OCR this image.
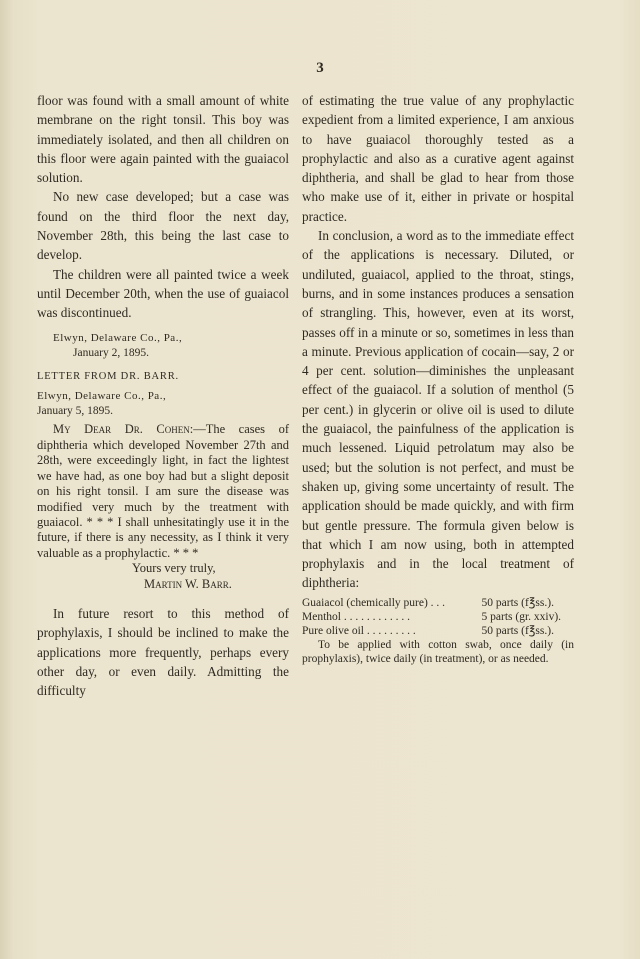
3

floor was found with a small amount of white membrane on the right tonsil. This boy was immediately isolated, and then all children on this floor were again painted with the guaiacol solution.

No new case developed; but a case was found on the third floor the next day, November 28th, this being the last case to develop.

The children were all painted twice a week until December 20th, when the use of guaiacol was discontinued.

Elwyn, Delaware Co., Pa.,

January 2, 1895.

LETTER FROM DR. BARR.

Elwyn, Delaware Co., Pa.,

January 5, 1895.

My Dear Dr. Cohen:—The cases of diphtheria which developed November 27th and 28th, were exceedingly light, in fact the lightest we have had, as one boy had but a slight deposit on his right tonsil. I am sure the disease was modified very much by the treatment with guaiacol. * * * I shall unhesitatingly use it in the future, if there is any necessity, as I think it very valuable as a prophylactic. * * *

Yours very truly,

Martin W. Barr.

In future resort to this method of prophylaxis, I should be inclined to make the applications more frequently, perhaps every other day, or even daily. Admitting the difficulty

of estimating the true value of any prophylactic expedient from a limited experience, I am anxious to have guaiacol thoroughly tested as a prophylactic and also as a curative agent against diphtheria, and shall be glad to hear from those who make use of it, either in private or hospital practice.

In conclusion, a word as to the immediate effect of the applications is necessary. Diluted, or undiluted, guaiacol, applied to the throat, stings, burns, and in some instances produces a sensation of strangling. This, however, even at its worst, passes off in a minute or so, sometimes in less than a minute. Previous application of cocain—say, 2 or 4 per cent. solution—diminishes the unpleasant effect of the guaiacol. If a solution of menthol (5 per cent.) in glycerin or olive oil is used to dilute the guaiacol, the painfulness of the application is much lessened. Liquid petrolatum may also be used; but the solution is not perfect, and must be shaken up, giving some uncertainty of result. The application should be made quickly, and with firm but gentle pressure. The formula given below is that which I am now using, both in attempted prophylaxis and in the local treatment of diphtheria:

Guaiacol (chemically pure) . . .	50 parts (f℥ss.).
Menthol . . . . . . . . . . . .	5 parts (gr. xxiv).
Pure olive oil . . . . . . . . .	50 parts (f℥ss.).

To be applied with cotton swab, once daily (in prophylaxis), twice daily (in treatment), or as needed.
